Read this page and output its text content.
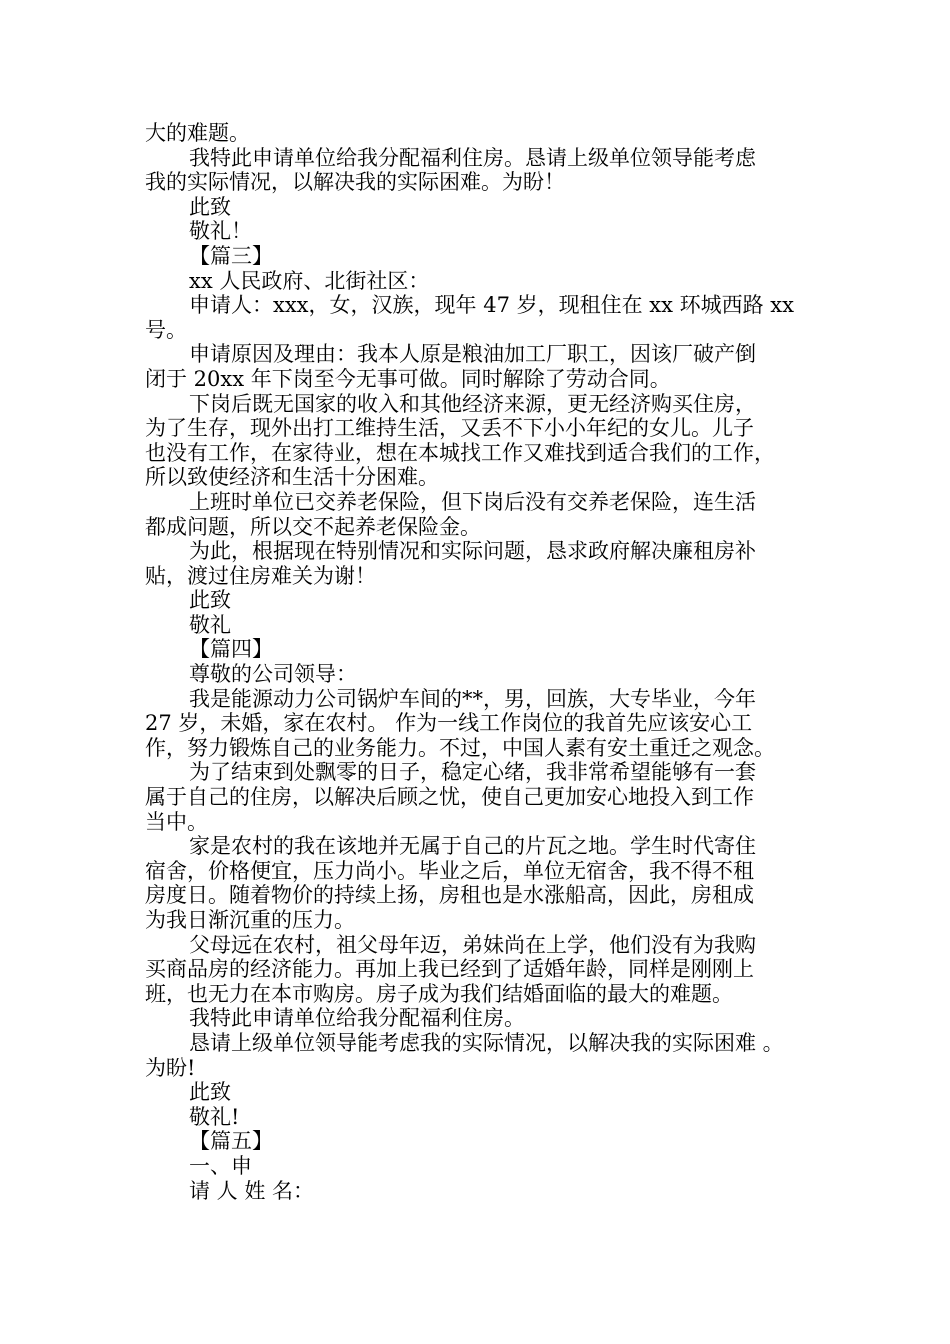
大的难题。
我特此申请单位给我分配福利住房。恳请上级单位领导能考虑
我的实际情况，以解决我的实际困难。为盼！
此致
敬礼！
【篇三】
xx 人民政府、北街社区：
申请人：xxx，女，汉族，现年 47 岁，现租住在 xx 环城西路 xx
号。
申请原因及理由：我本人原是粮油加工厂职工，因该厂破产倒
闭于 20xx 年下岗至今无事可做。同时解除了劳动合同。
下岗后既无国家的收入和其他经济来源，更无经济购买住房，
为了生存，现外出打工维持生活，又丢不下小小年纪的女儿。儿子
也没有工作，在家待业，想在本城找工作又难找到适合我们的工作，
所以致使经济和生活十分困难。
上班时单位已交养老保险，但下岗后没有交养老保险，连生活
都成问题，所以交不起养老保险金。
为此，根据现在特别情况和实际问题，恳求政府解决廉租房补
贴，渡过住房难关为谢！
此致
敬礼
【篇四】
尊敬的公司领导：
我是能源动力公司锅炉车间的**，男，回族，大专毕业，今年
27 岁，未婚，家在农村。 作为一线工作岗位的我首先应该安心工
作，努力锻炼自己的业务能力。不过，中国人素有安土重迁之观念。
为了结束到处飘零的日子，稳定心绪，我非常希望能够有一套
属于自己的住房，以解决后顾之忧，使自己更加安心地投入到工作
当中。
家是农村的我在该地并无属于自己的片瓦之地。学生时代寄住
宿舍，价格便宜，压力尚小。毕业之后，单位无宿舍，我不得不租
房度日。随着物价的持续上扬，房租也是水涨船高，因此，房租成
为我日渐沉重的压力。
父母远在农村，祖父母年迈，弟妹尚在上学，他们没有为我购
买商品房的经济能力。再加上我已经到了适婚年龄，同样是刚刚上
班，也无力在本市购房。房子成为我们结婚面临的最大的难题。
我特此申请单位给我分配福利住房。
恳请上级单位领导能考虑我的实际情况，以解决我的实际困难 。
为盼!
此致
敬礼!
【篇五】
一、申
请 人 姓 名：
